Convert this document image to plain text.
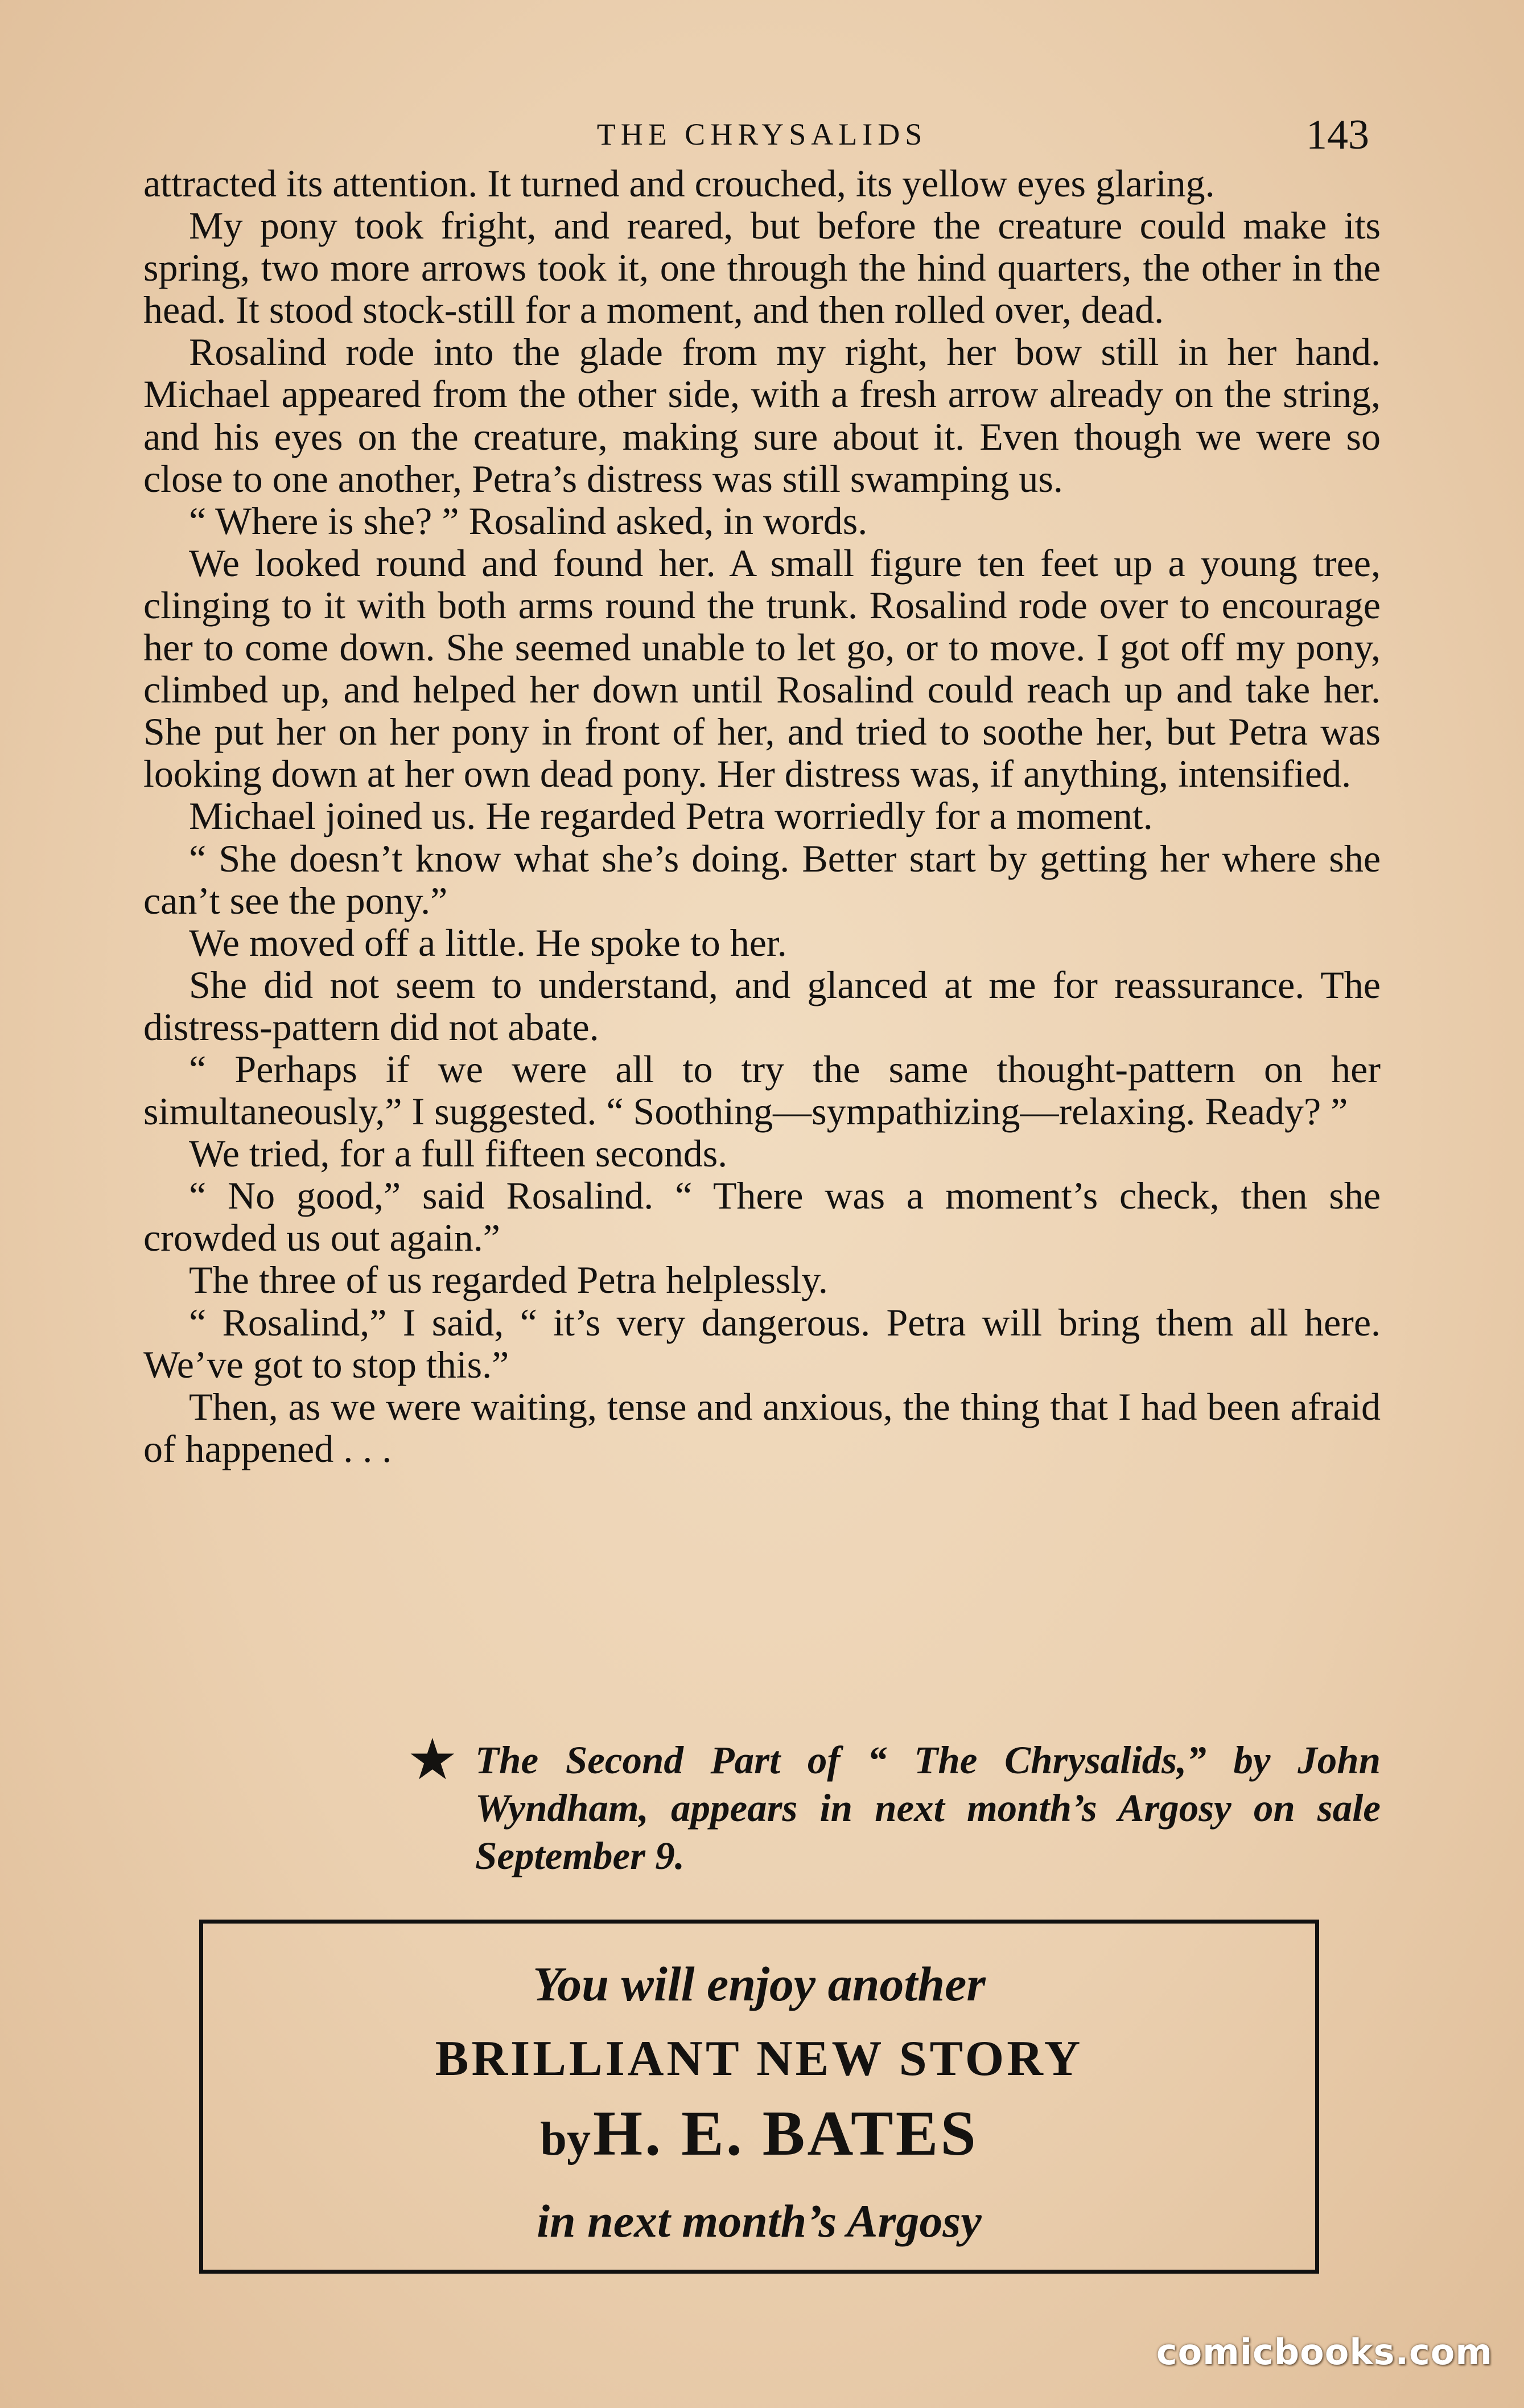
THE CHRYSALIDS	143

attracted its attention. It turned and crouched, its yellow eyes glaring.

My pony took fright, and reared, but before the creature could make its spring, two more arrows took it, one through the hind quarters, the other in the head. It stood stock-still for a moment, and then rolled over, dead.

Rosalind rode into the glade from my right, her bow still in her hand. Michael appeared from the other side, with a fresh arrow already on the string, and his eyes on the creature, making sure about it. Even though we were so close to one another, Petra’s distress was still swamping us.

“ Where is she? ” Rosalind asked, in words.

We looked round and found her. A small figure ten feet up a young tree, clinging to it with both arms round the trunk. Rosalind rode over to encourage her to come down. She seemed unable to let go, or to move. I got off my pony, climbed up, and helped her down until Rosalind could reach up and take her. She put her on her pony in front of her, and tried to soothe her, but Petra was looking down at her own dead pony. Her distress was, if anything, intensified.

Michael joined us. He regarded Petra worriedly for a moment.

“ She doesn’t know what she’s doing. Better start by getting her where she can’t see the pony.”

We moved off a little. He spoke to her.

She did not seem to understand, and glanced at me for reassurance. The distress-pattern did not abate.

“ Perhaps if we were all to try the same thought-pattern on her simultaneously,” I suggested. “ Soothing—sympathizing—relaxing. Ready? ”

We tried, for a full fifteen seconds.

“ No good,” said Rosalind. “ There was a moment’s check, then she crowded us out again.”

The three of us regarded Petra helplessly.

“ Rosalind,” I said, “ it’s very dangerous. Petra will bring them all here. We’ve got to stop this.”

Then, as we were waiting, tense and anxious, the thing that I had been afraid of happened . . .

★ The Second Part of “ The Chrysalids,” by John Wyndham, appears in next month’s Argosy on sale September 9.
You will enjoy another
BRILLIANT NEW STORY
by H. E. BATES
in next month’s Argosy
comicbooks.com
